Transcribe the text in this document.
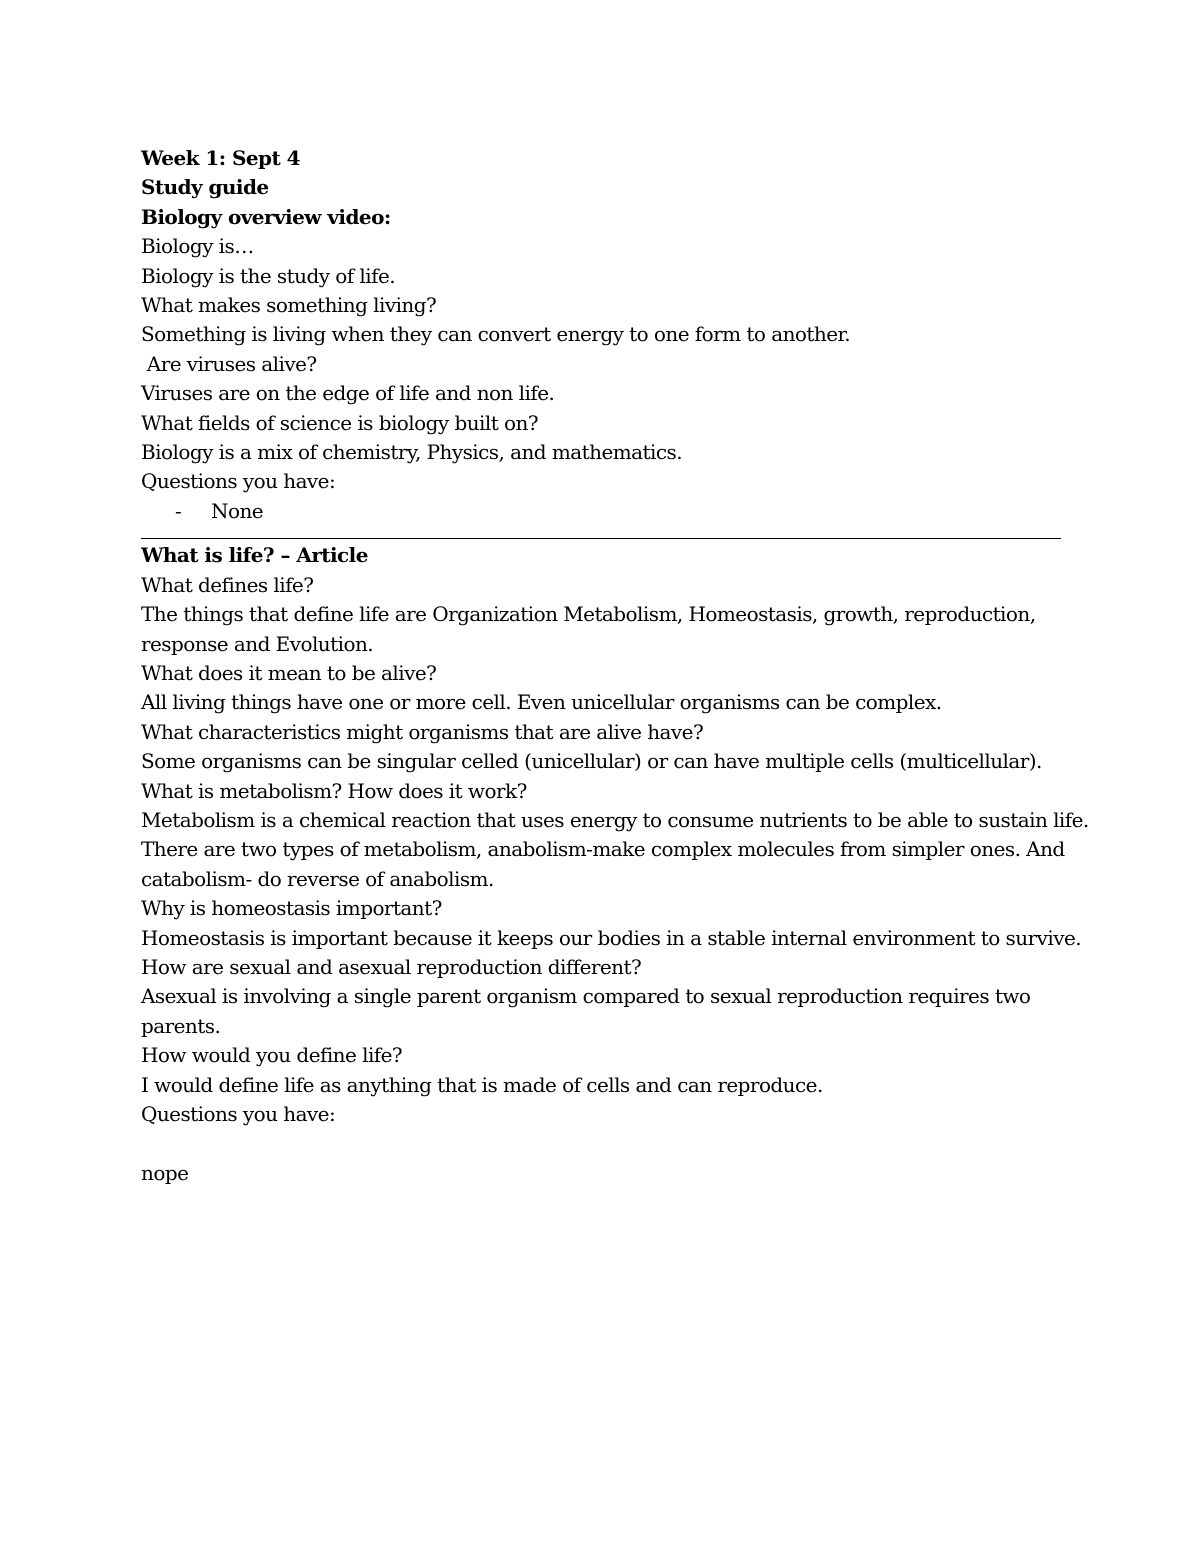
Week 1: Sept 4
Study guide
Biology overview video:
Biology is…
Biology is the study of life.
What makes something living?
Something is living when they can convert energy to one form to another.
Are viruses alive?
Viruses are on the edge of life and non life.
What fields of science is biology built on?
Biology is a mix of chemistry, Physics, and mathematics.
Questions you have:
- None
What is life? – Article
What defines life?
The things that define life are Organization Metabolism, Homeostasis, growth, reproduction,
response and Evolution.
What does it mean to be alive?
All living things have one or more cell. Even unicellular organisms can be complex.
What characteristics might organisms that are alive have?
Some organisms can be singular celled (unicellular) or can have multiple cells (multicellular).
What is metabolism? How does it work?
Metabolism is a chemical reaction that uses energy to consume nutrients to be able to sustain life.
There are two types of metabolism, anabolism-make complex molecules from simpler ones. And
catabolism- do reverse of anabolism.
Why is homeostasis important?
Homeostasis is important because it keeps our bodies in a stable internal environment to survive.
How are sexual and asexual reproduction different?
Asexual is involving a single parent organism compared to sexual reproduction requires two
parents.
How would you define life?
I would define life as anything that is made of cells and can reproduce.
Questions you have:
nope
